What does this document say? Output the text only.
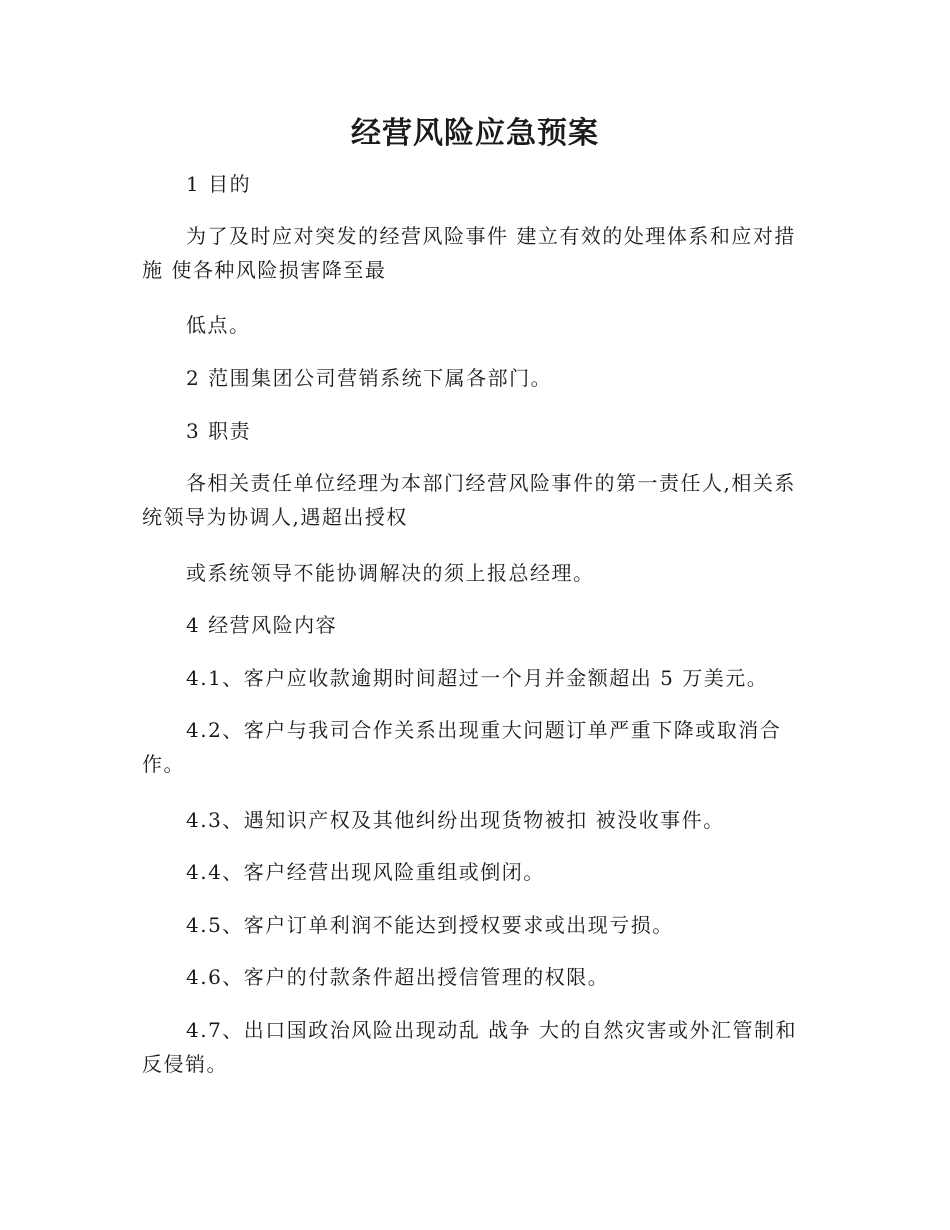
经营风险应急预案

1 目的

为了及时应对突发的经营风险事件 建立有效的处理体系和应对措
施 使各种风险损害降至最

低点。

2 范围集团公司营销系统下属各部门。

3 职责

各相关责任单位经理为本部门经营风险事件的第一责任人,相关系
统领导为协调人,遇超出授权

或系统领导不能协调解决的须上报总经理。

4 经营风险内容

4.1、客户应收款逾期时间超过一个月并金额超出 5 万美元。

4.2、客户与我司合作关系出现重大问题订单严重下降或取消合
作。

4.3、遇知识产权及其他纠纷出现货物被扣 被没收事件。

4.4、客户经营出现风险重组或倒闭。

4.5、客户订单利润不能达到授权要求或出现亏损。

4.6、客户的付款条件超出授信管理的权限。

4.7、出口国政治风险出现动乱 战争 大的自然灾害或外汇管制和
反侵销。
